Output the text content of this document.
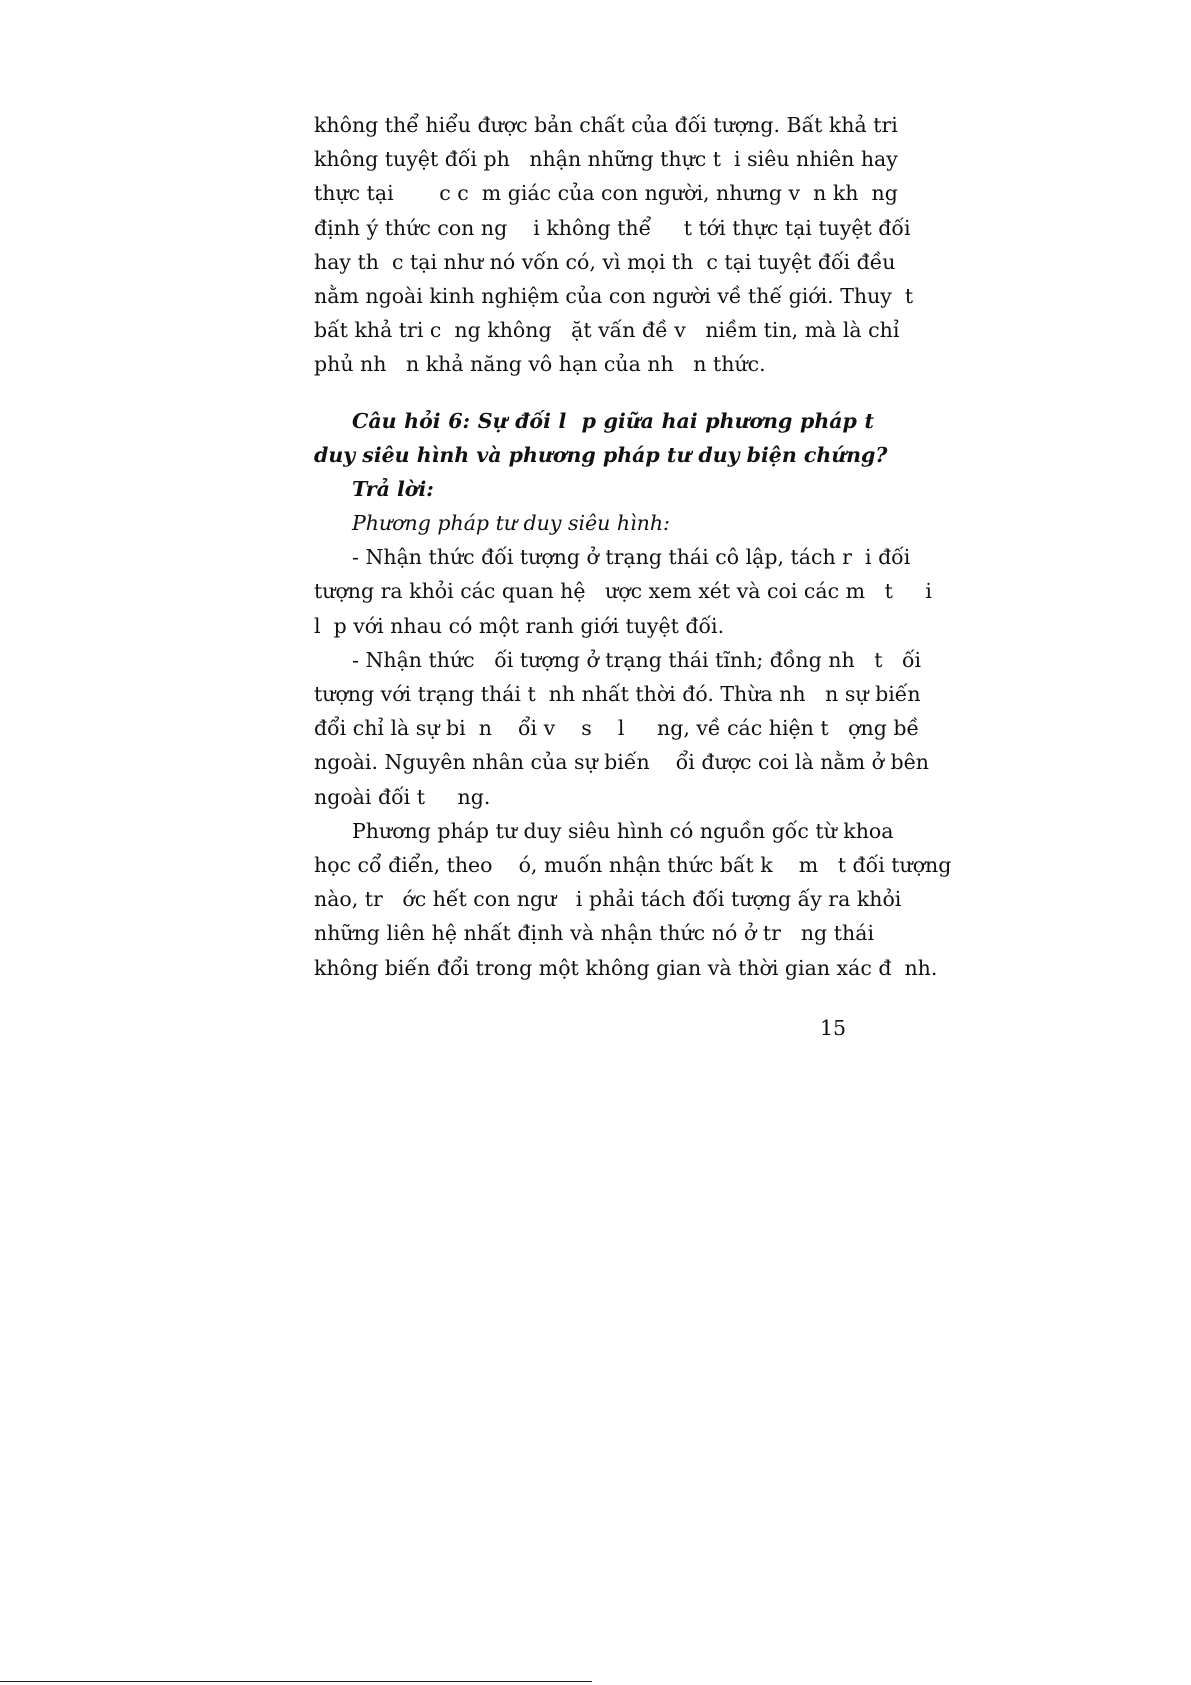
không thể hiểu được bản chất của đối tượng. Bất khả tri
không tuyệt đối ph   nhận những thực t  i siêu nhiên hay
thực tại       c c  m giác của con người, nhưng v  n kh  ng
định ý thức con ng    i không thể     t tới thực tại tuyệt đối
hay th  c tại như nó vốn có, vì mọi th  c tại tuyệt đối đều
nằm ngoài kinh nghiệm của con người về thế giới. Thuy  t
bất khả tri c  ng không   ặt vấn đề v   niềm tin, mà là chỉ
phủ nh   n khả năng vô hạn của nh   n thức.
Câu hỏi 6: Sự đối l  p giữa hai phương pháp t
duy siêu hình và phương pháp tư duy biện chứng?
Trả lời:
Phương pháp tư duy siêu hình:
- Nhận thức đối tượng ở trạng thái cô lập, tách r  i đối
tượng ra khỏi các quan hệ   ược xem xét và coi các m   t     i
l  p với nhau có một ranh giới tuyệt đối.
- Nhận thức   ối tượng ở trạng thái tĩnh; đồng nh   t   ối
tượng với trạng thái t  nh nhất thời đó. Thừa nh   n sự biến
đổi chỉ là sự bi  n    ổi v    s    l     ng, về các hiện t   ợng bề
ngoài. Nguyên nhân của sự biến    ổi được coi là nằm ở bên
ngoài đối t     ng.
Phương pháp tư duy siêu hình có nguồn gốc từ khoa
học cổ điển, theo    ó, muốn nhận thức bất k    m   t đối tượng
nào, tr   ớc hết con ngư   i phải tách đối tượng ấy ra khỏi
những liên hệ nhất định và nhận thức nó ở tr   ng thái
không biến đổi trong một không gian và thời gian xác đ  nh.
15
